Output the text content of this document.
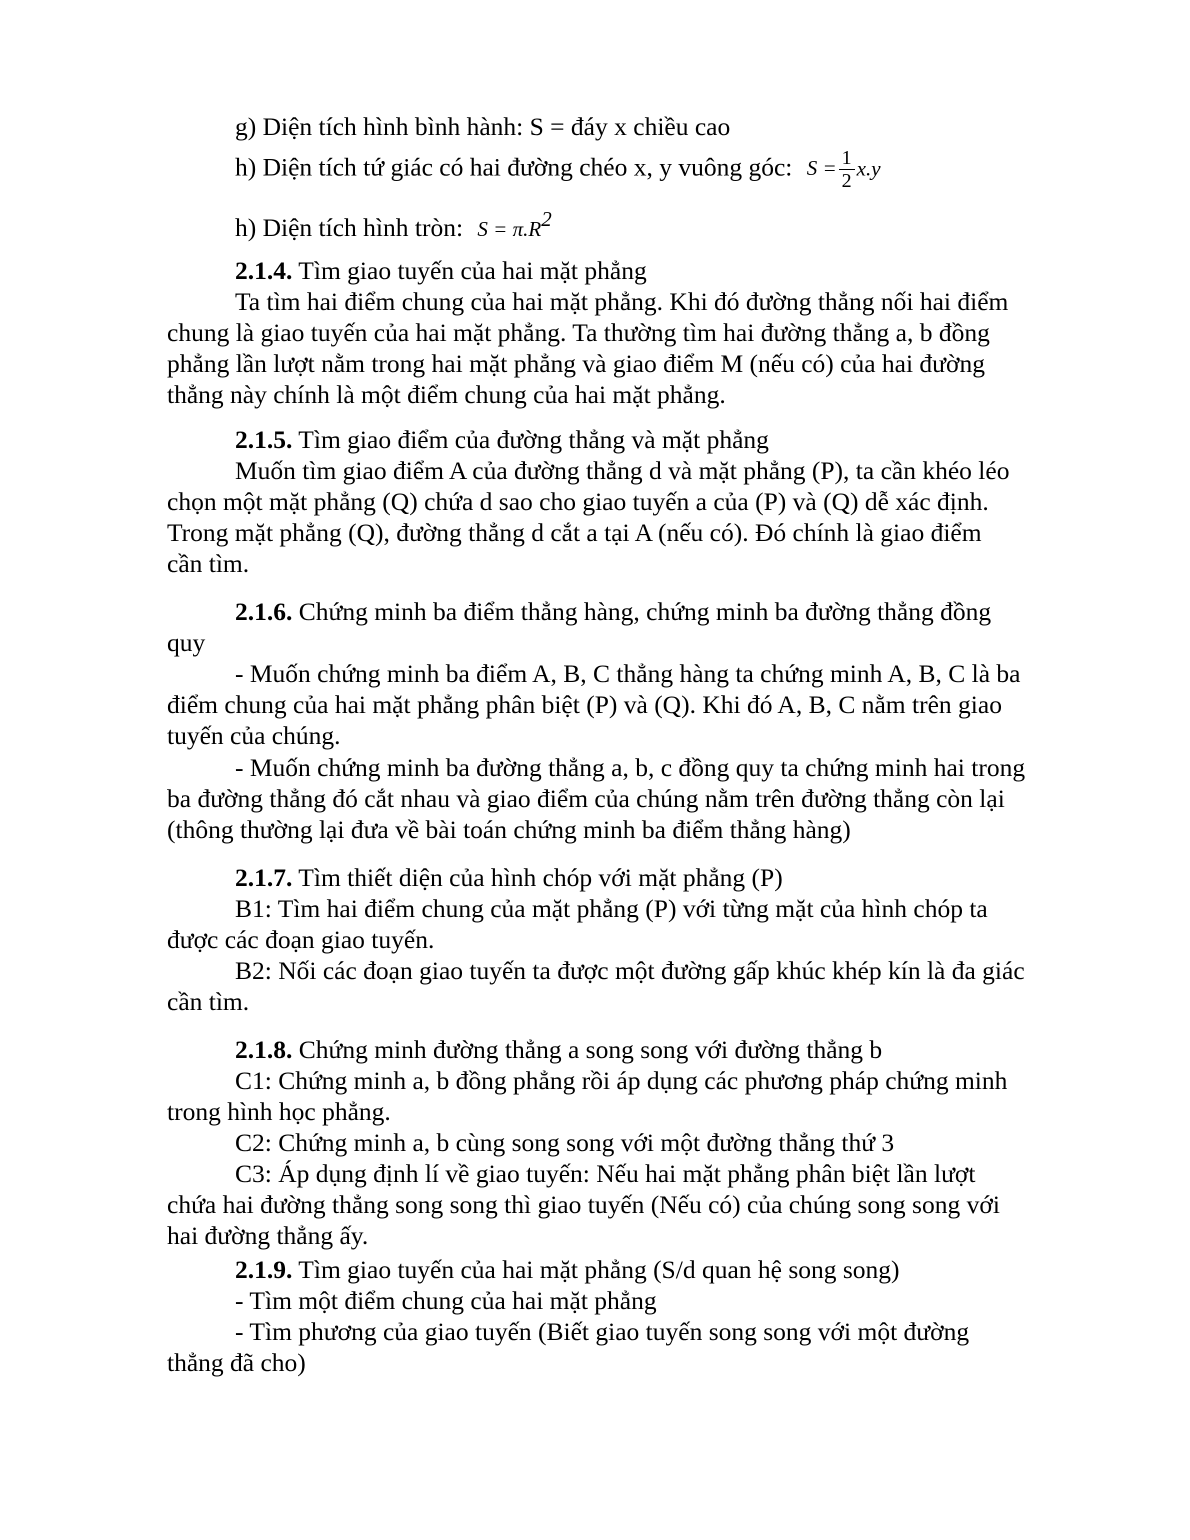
g) Diện tích hình bình hành: S = đáy x chiều cao
h) Diện tích tứ giác có hai đường chéo x, y vuông góc: $S = \frac{1}{2} x.y$
h) Diện tích hình tròn: $S = \pi.R^2$
2.1.4. Tìm giao tuyến của hai mặt phẳng
Ta tìm hai điểm chung của hai mặt phẳng. Khi đó đường thẳng nối hai điểm
chung là giao tuyến của hai mặt phẳng. Ta thường tìm hai đường thẳng a, b đồng
phẳng lần lượt nằm trong hai mặt phẳng và giao điểm M (nếu có) của hai đường
thẳng này chính là một điểm chung của hai mặt phẳng.
2.1.5. Tìm giao điểm của đường thẳng và mặt phẳng
Muốn tìm giao điểm A của đường thẳng d và mặt phẳng (P), ta cần khéo léo
chọn một mặt phẳng (Q) chứa d sao cho giao tuyến a của (P) và (Q) dễ xác định.
Trong mặt phẳng (Q), đường thẳng d cắt a tại A (nếu có). Đó chính là giao điểm
cần tìm.
2.1.6. Chứng minh ba điểm thẳng hàng, chứng minh ba đường thẳng đồng
quy
- Muốn chứng minh ba điểm A, B, C thẳng hàng ta chứng minh A, B, C là ba
điểm chung của hai mặt phẳng phân biệt (P) và (Q). Khi đó A, B, C nằm trên giao
tuyến của chúng.
- Muốn chứng minh ba đường thẳng a, b, c đồng quy ta chứng minh hai trong
ba đường thẳng đó cắt nhau và giao điểm của chúng nằm trên đường thẳng còn lại
(thông thường lại đưa về bài toán chứng minh ba điểm thẳng hàng)
2.1.7. Tìm thiết diện của hình chóp với mặt phẳng (P)
B1: Tìm hai điểm chung của mặt phẳng (P) với từng mặt của hình chóp ta
được các đoạn giao tuyến.
B2: Nối các đoạn giao tuyến ta được một đường gấp khúc khép kín là đa giác
cần tìm.
2.1.8. Chứng minh đường thẳng a song song với đường thẳng b
C1: Chứng minh a, b đồng phẳng rồi áp dụng các phương pháp chứng minh
trong hình học phẳng.
C2: Chứng minh a, b cùng song song với một đường thẳng thứ 3
C3: Áp dụng định lí về giao tuyến: Nếu hai mặt phẳng phân biệt lần lượt
chứa hai đường thẳng song song thì giao tuyến (Nếu có) của chúng song song với
hai đường thẳng ấy.
2.1.9. Tìm giao tuyến của hai mặt phẳng (S/d quan hệ song song)
- Tìm một điểm chung của hai mặt phẳng
- Tìm phương của giao tuyến (Biết giao tuyến song song với một đường
thẳng đã cho)
